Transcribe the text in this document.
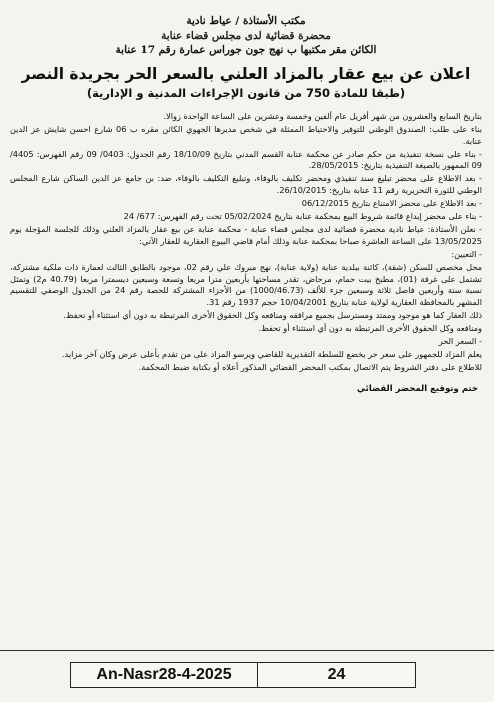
مكتب الأستاذة / عياط نادية
محضرة قضائية لدى مجلس قضاء عنابة
الكائن مقر مكتبها ب نهج جون جوراس عمارة رقم 17 عنابة
اعلان عن بيع عقار بالمزاد العلني بالسعر الحر بجريدة النصر
(طبقا للمادة 750 من قانون الإجراءات المدنية و الإدارية)

بتاريخ السابع والعشرون من شهر أفريل عام ألفين وخمسة وعشرين على الساعة الواحدة زوالا.

بناء على طلب: الصندوق الوطني للتوفير والاحتياط الممثلة في شخص مديرها الجهوي الكائن مقره ب 06 شارع احسن شايش عز الدين عنابة.

- بناء على نسخة تنفيذية من حكم صادر عن محكمة عنابة القسم المدني بتاريخ 18/10/09 رقم الجدول: 0403/ 09 رقم الفهرس: 4405/ 09 الممهور بالصيغة التنفيذية بتاريخ: 28/05/2015.

- بعد الاطلاع على محضر تبليغ سند تنفيذي ومحضر تكليف بالوفاء، وتبليغ التكليف بالوفاء، ضد: بن جامع عز الدين الساكن شارع المجلس الوطني للثورة التحريرية رقم 11 عنابة بتاريخ: 26/10/2015.

- بعد الاطلاع على محضر الامتناع بتاريخ 06/12/2015

- بناء على محضر إيداع قائمة شروط البيع بمحكمة عنابة بتاريخ 05/02/2024 تحت رقم الفهرس: 677/ 24

- نعلن الأستاذة: عياط نادية محضرة قضائية لدى مجلس قضاء عنابة - محكمة عنابة عن بيع عقار بالمزاد العلني وذلك للجلسة المؤجلة يوم 13/05/2025 على الساعة العاشرة صباحا بمحكمة عنابة وذلك أمام قاضي البيوع العقارية للعقار الآتي:

- التعيين:

محل مخصص للسكن (شقة)، كائنة ببلدية عنابة (ولاية عنابة)، نهج مبروك علي رقم 02، موجود بالطابق الثالث لعمارة ذات ملكية مشتركة، تشتمل على غرفة (01)، مطبخ بيت حمام، مرحاض، تقدر مساحتها بأربعين مترا مربعا وتسعة وسبعين ديسمترا مربعا (40.79 م2) وتمثل نسبة ستة وأربعين فاصل ثلاثة وسبعين جزء للألف (1000/46.73) من الأجزاء المشتركة للحصة رقم 24 من الجدول الوصفي للتقسيم المشهر بالمحافظة العقارية لولاية عنابة بتاريخ 10/04/2001 حجم 1937 رقم 31.

ذلك العقار كما هو موجود وممتد ومسترسل بجميع مرافقه ومنافعه وكل الحقوق الأخرى المرتبطة به دون أي استثناء أو تحفظ.

ومنافعه وكل الحقوق الأخرى المرتبطة به دون أي استثناء أو تحفظ.

- السعر الحر

يعلم المزاد للجمهور على سعر حر يخضع للسلطة التقديرية للقاضي ويرسو المزاد على من تقدم بأعلى عرض وكان آخر مزايد.

للاطلاع على دفتر الشروط يتم الاتصال بمكتب المحضر القضائي المذكور أعلاه أو بكتابة ضبط المحكمة.

ختم وتوقيع المحضر القضائي
An-Nasr28-4-2025	24
